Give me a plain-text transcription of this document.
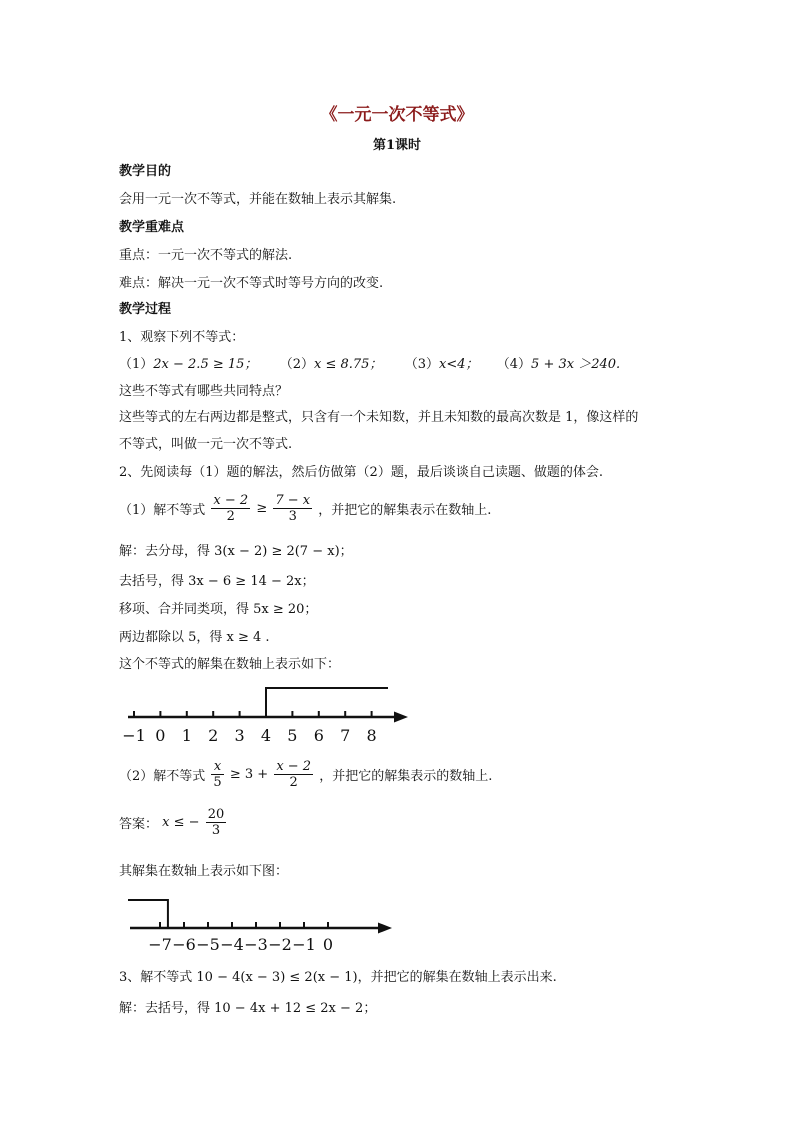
《一元一次不等式》
第1课时
教学目的
会用一元一次不等式，并能在数轴上表示其解集.
教学重难点
重点：一元一次不等式的解法.
难点：解决一元一次不等式时等号方向的改变.
教学过程
1、观察下列不等式：
（1）2x − 2.5 ≥ 15； （2）x ≤ 8.75； （3）x<4； （4）5 + 3x ＞240.
这些不等式有哪些共同特点？
这些等式的左右两边都是整式，只含有一个未知数，并且未知数的最高次数是 1，像这样的
不等式，叫做一元一次不等式.
2、先阅读每（1）题的解法，然后仿做第（2）题，最后谈谈自己读题、做题的体会.
（1）解不等式 $\frac{x - 2}{2} \ge \frac{7 - x}{3}$ ，并把它的解集表示在数轴上.
解：去分母，得 3(x − 2) ≥ 2(7 − x)；
去括号，得 3x − 6 ≥ 14 − 2x；
移项、合并同类项，得 5x ≥ 20；
两边都除以 5，得 x ≥ 4 .
这个不等式的解集在数轴上表示如下：
−1 0 1 2 3 4 5 6 7 8
（2）解不等式 $\frac{x}{5} \ge 3 + \frac{x - 2}{2}$ ，并把它的解集表示的数轴上.
答案： x ≤ − $\frac{20}{3}$
其解集在数轴上表示如下图：
−7 −6 −5 −4 −3 −2 −1 0
3、解不等式 10 − 4(x − 3) ≤ 2(x − 1)，并把它的解集在数轴上表示出来.
解：去括号，得 10 − 4x + 12 ≤ 2x − 2；
